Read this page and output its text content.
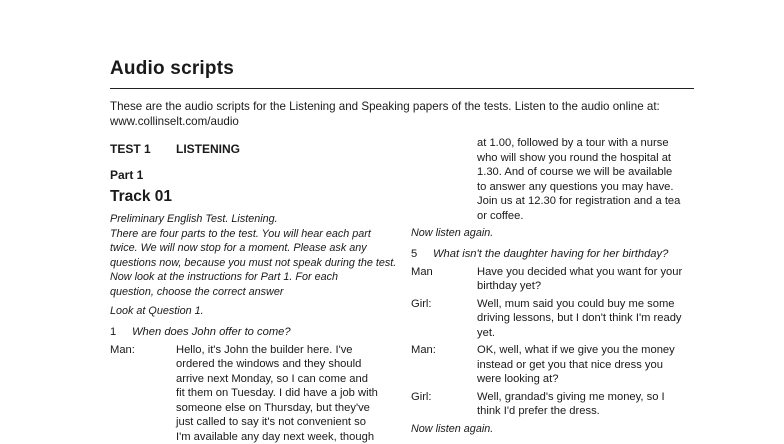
Audio scripts
These are the audio scripts for the Listening and Speaking papers of the tests. Listen to the audio online at:
www.collinselt.com/audio
TEST 1	LISTENING
Part 1
Track 01
Preliminary English Test. Listening.
There are four parts to the test. You will hear each part
twice. We will now stop for a moment. Please ask any
questions now, because you must not speak during the test.
Now look at the instructions for Part 1. For each
question, choose the correct answer
Look at Question 1.
1	When does John offer to come?
Man:	Hello, it's John the builder here. I've
ordered the windows and they should
arrive next Monday, so I can come and
fit them on Tuesday. I did have a job with
someone else on Thursday, but they've
just called to say it's not convenient so
I'm available any day next week, though
at 1.00, followed by a tour with a nurse
who will show you round the hospital at
1.30. And of course we will be available
to answer any questions you may have.
Join us at 12.30 for registration and a tea
or coffee.
Now listen again.
5	What isn't the daughter having for her birthday?
Man	Have you decided what you want for your
birthday yet?
Girl:	Well, mum said you could buy me some
driving lessons, but I don't think I'm ready
yet.
Man:	OK, well, what if we give you the money
instead or get you that nice dress you
were looking at?
Girl:	Well, grandad's giving me money, so I
think I'd prefer the dress.
Now listen again.
